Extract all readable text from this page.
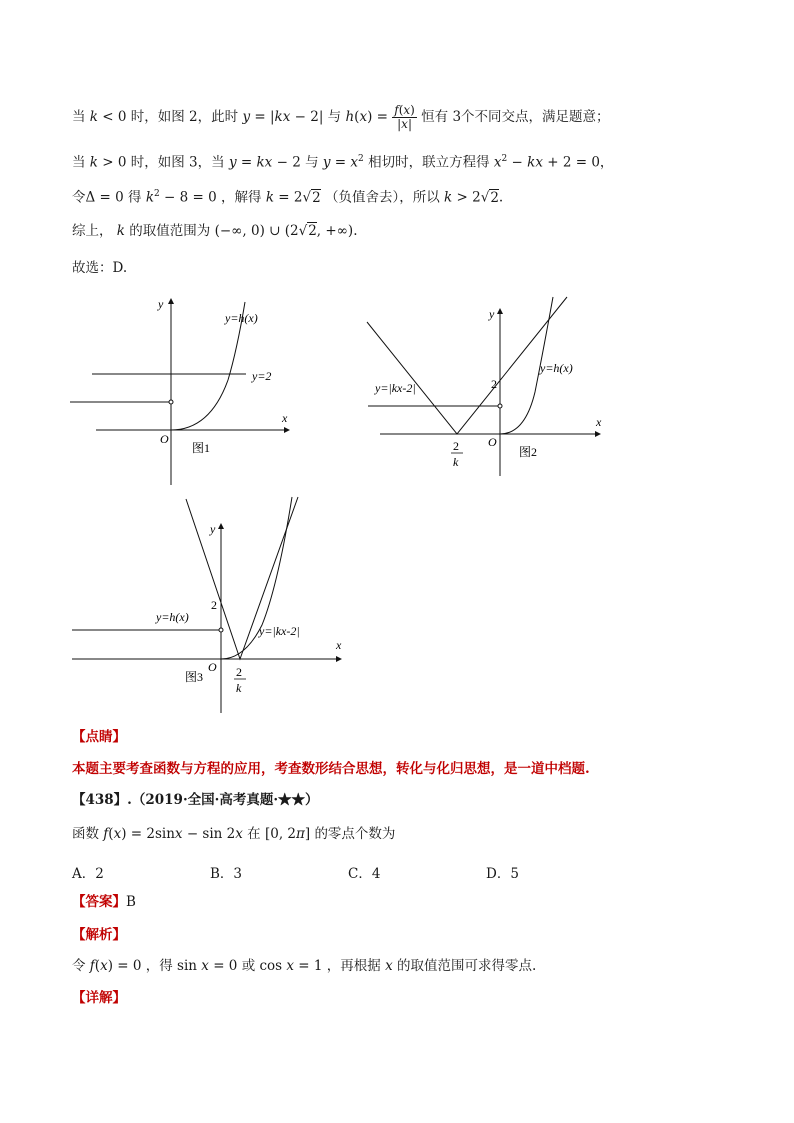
当 k < 0 时，如图 2，此时 y = |kx − 2| 与 $h(x) = \frac{f(x)}{|x|}$ 恒有 3个不同交点，满足题意；
当 k > 0 时，如图 3，当 y = kx − 2 与 $y = x^2$ 相切时，联立方程得 $x^2$ − kx + 2 = 0，
令Δ = 0 得 $k^2 - 8 = 0$ ，解得 k = 2√2 （负值舍去），所以 k > 2√2.
综上， k 的取值范围为 (−∞, 0) ∪ (2√2, +∞).
故选：D.
y
x
O
y=h(x)
y=2
图1
y
x
O
2
y=h(x)
y=|kx-2|
2
k
图2
y
x
O
2
y=h(x)
y=|kx-2|
2
k
图3
【点睛】
本题主要考查函数与方程的应用，考查数形结合思想，转化与化归思想，是一道中档题.
【438】.（2019·全国·高考真题·★★）
函数 f(x) = 2sinx − sin 2x 在 [0, 2π] 的零点个数为
A．2	B．3	C．4	D．5
【答案】B
【解析】
令 f(x) = 0 ，得 sin x = 0 或 cos x = 1 ，再根据 x 的取值范围可求得零点.
【详解】
